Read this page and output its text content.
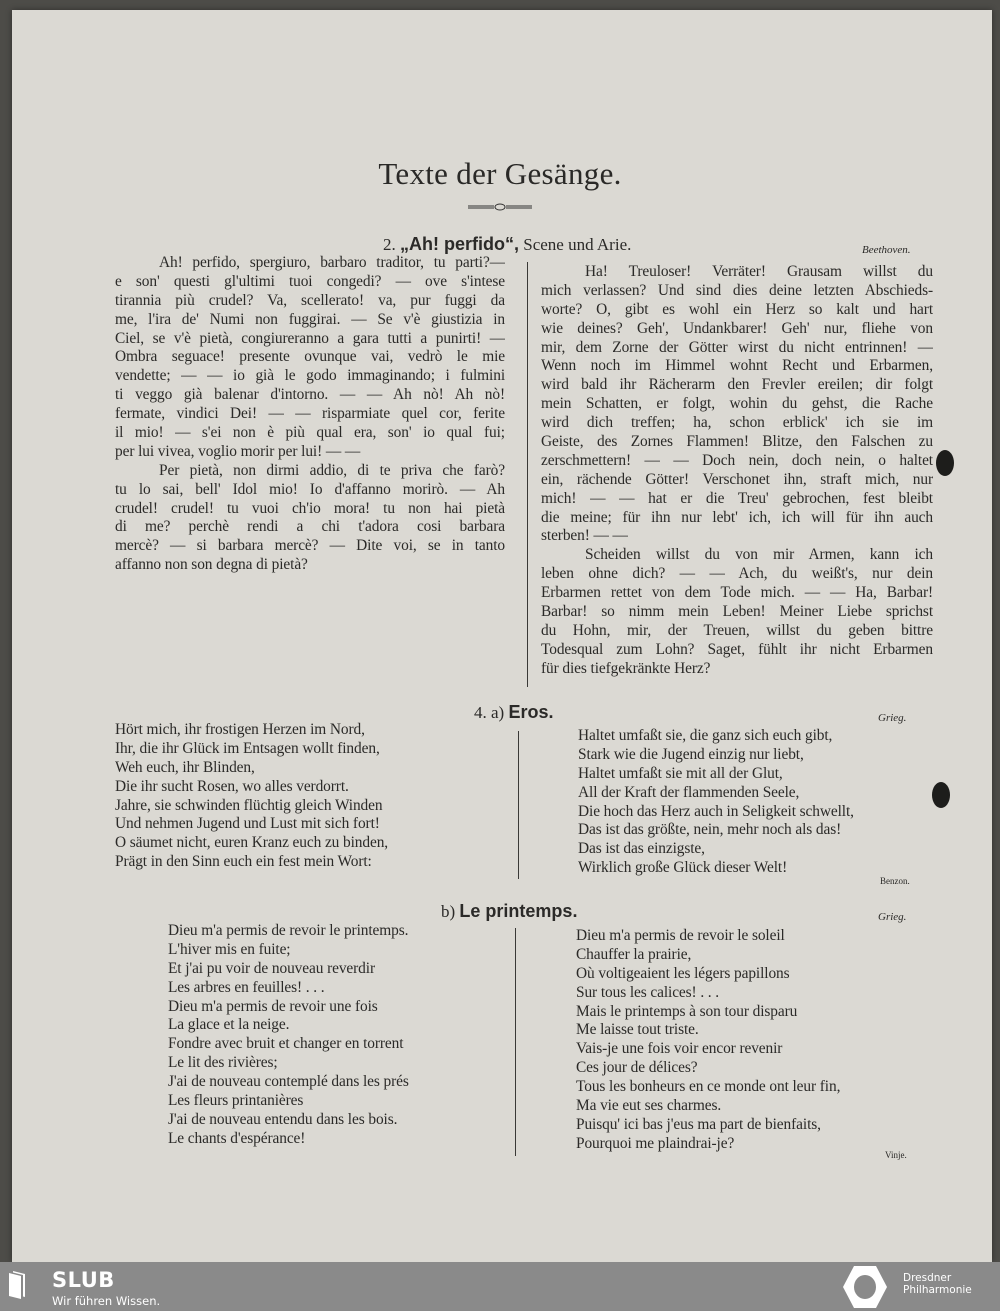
Texte der Gesänge.
2. „Ah! perfido“, Scene und Arie.	Beethoven.
Ah! perfido, spergiuro, barbaro traditor, tu parti?—
e son' questi gl'ultimi tuoi congedi? — ove s'intese
tirannia più crudel? Va, scellerato! va, pur fuggi da
me, l'ira de' Numi non fuggirai. — Se v'è giustizia in
Ciel, se v'è pietà, congiureranno a gara tutti a punirti! —
Ombra seguace! presente ovunque vai, vedrò le mie
vendette; — — io già le godo immaginando; i fulmini
ti veggo già balenar d'intorno. — — Ah nò! Ah nò!
fermate, vindici Dei! — — risparmiate quel cor, ferite
il mio! — s'ei non è più qual era, son' io qual fui;
per lui vivea, voglio morir per lui! — —
Per pietà, non dirmi addio, di te priva che farò?
tu lo sai, bell' Idol mio! Io d'affanno morirò. — Ah
crudel! crudel! tu vuoi ch'io mora! tu non hai pietà
di me? perchè rendi a chi t'adora cosi barbara
mercè? — si barbara mercè? — Dite voi, se in tanto
affanno non son degna di pietà?
Ha! Treuloser! Verräter! Grausam willst du
mich verlassen? Und sind dies deine letzten Abschieds-
worte? O, gibt es wohl ein Herz so kalt und hart
wie deines? Geh', Undankbarer! Geh' nur, fliehe von
mir, dem Zorne der Götter wirst du nicht entrinnen! —
Wenn noch im Himmel wohnt Recht und Erbarmen,
wird bald ihr Rächerarm den Frevler ereilen; dir folgt
mein Schatten, er folgt, wohin du gehst, die Rache
wird dich treffen; ha, schon erblick' ich sie im
Geiste, des Zornes Flammen! Blitze, den Falschen zu
zerschmettern! — — Doch nein, doch nein, o haltet
ein, rächende Götter! Verschonet ihn, straft mich, nur
mich! — — hat er die Treu' gebrochen, fest bleibt
die meine; für ihn nur lebt' ich, ich will für ihn auch
sterben! — —
Scheiden willst du von mir Armen, kann ich
leben ohne dich? — — Ach, du weißt's, nur dein
Erbarmen rettet von dem Tode mich. — — Ha, Barbar!
Barbar! so nimm mein Leben! Meiner Liebe sprichst
du Hohn, mir, der Treuen, willst du geben bittre
Todesqual zum Lohn? Saget, fühlt ihr nicht Erbarmen
für dies tiefgekränkte Herz?
4. a) Eros.	Grieg.
Hört mich, ihr frostigen Herzen im Nord,
Ihr, die ihr Glück im Entsagen wollt finden,
Weh euch, ihr Blinden,
Die ihr sucht Rosen, wo alles verdorrt.
Jahre, sie schwinden flüchtig gleich Winden
Und nehmen Jugend und Lust mit sich fort!
O säumet nicht, euren Kranz euch zu binden,
Prägt in den Sinn euch ein fest mein Wort:
Haltet umfaßt sie, die ganz sich euch gibt,
Stark wie die Jugend einzig nur liebt,
Haltet umfaßt sie mit all der Glut,
All der Kraft der flammenden Seele,
Die hoch das Herz auch in Seligkeit schwellt,
Das ist das größte, nein, mehr noch als das!
Das ist das einzigste,
Wirklich große Glück dieser Welt!
Benzon.
b) Le printemps.	Grieg.
Dieu m'a permis de revoir le printemps.
L'hiver mis en fuite;
Et j'ai pu voir de nouveau reverdir
Les arbres en feuilles! . . .
Dieu m'a permis de revoir une fois
La glace et la neige.
Fondre avec bruit et changer en torrent
Le lit des rivières;
J'ai de nouveau contemplé dans les prés
Les fleurs printanières
J'ai de nouveau entendu dans les bois.
Le chants d'espérance!
Dieu m'a permis de revoir le soleil
Chauffer la prairie,
Où voltigeaient les légers papillons
Sur tous les calices! . . .
Mais le printemps à son tour disparu
Me laisse tout triste.
Vais-je une fois voir encor revenir
Ces jour de délices?
Tous les bonheurs en ce monde ont leur fin,
Ma vie eut ses charmes.
Puisqu' ici bas j'eus ma part de bienfaits,
Pourquoi me plaindrai-je?
Vinje.
SLUB
Wir führen Wissen.
Dresdner
Philharmonie
